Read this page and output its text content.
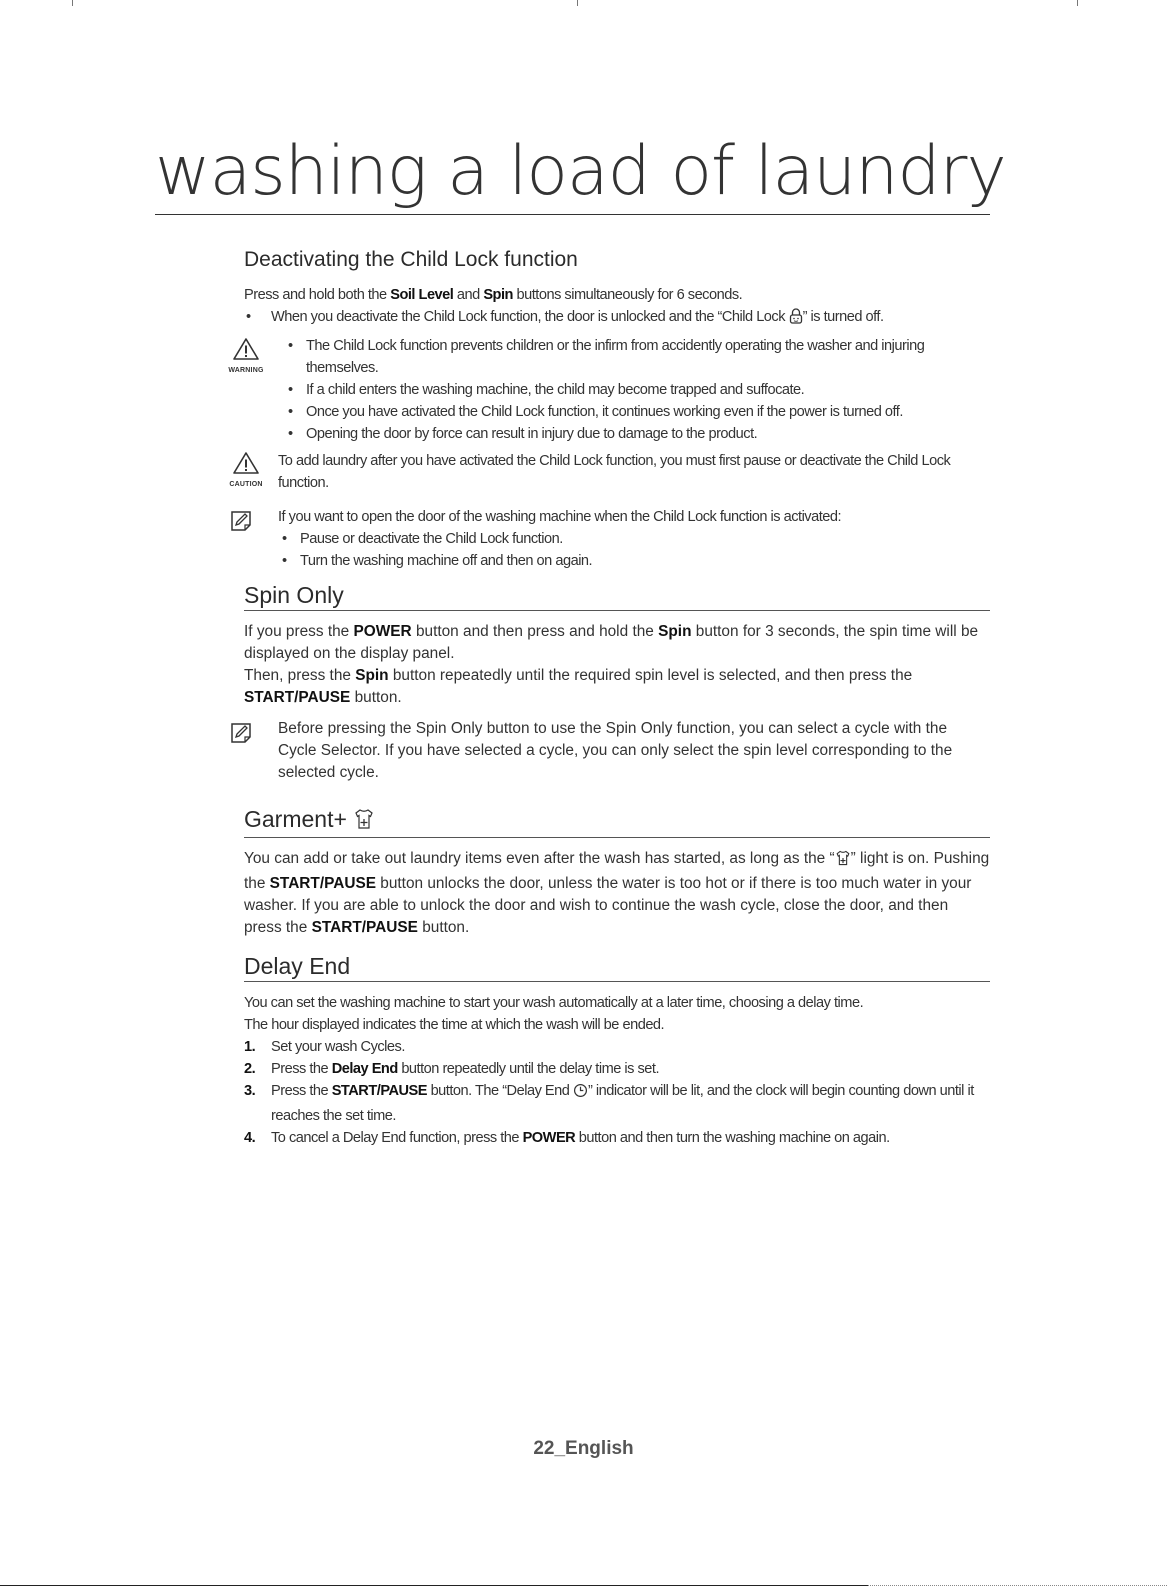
washing a load of laundry
Deactivating the Child Lock function

Press and hold both the Soil Level and Spin buttons simultaneously for 6 seconds.

• When you deactivate the Child Lock function, the door is unlocked and the “Child Lock ” is turned off.

WARNING

• The Child Lock function prevents children or the infirm from accidently operating the washer and injuring themselves.

• If a child enters the washing machine, the child may become trapped and suffocate.

• Once you have activated the Child Lock function, it continues working even if the power is turned off.

• Opening the door by force can result in injury due to damage to the product.

CAUTION

To add laundry after you have activated the Child Lock function, you must first pause or deactivate the Child Lock function.

If you want to open the door of the washing machine when the Child Lock function is activated:

• Pause or deactivate the Child Lock function.

• Turn the washing machine off and then on again.

Spin Only

If you press the POWER button and then press and hold the Spin button for 3 seconds, the spin time will be displayed on the display panel.

Then, press the Spin button repeatedly until the required spin level is selected, and then press the START/PAUSE button.

Before pressing the Spin Only button to use the Spin Only function, you can select a cycle with the Cycle Selector. If you have selected a cycle, you can only select the spin level corresponding to the selected cycle.

Garment+

You can add or take out laundry items even after the wash has started, as long as the “ ” light is on. Pushing the START/PAUSE button unlocks the door, unless the water is too hot or if there is too much water in your washer. If you are able to unlock the door and wish to continue the wash cycle, close the door, and then press the START/PAUSE button.

Delay End

You can set the washing machine to start your wash automatically at a later time, choosing a delay time.

The hour displayed indicates the time at which the wash will be ended.

1. Set your wash Cycles.
2. Press the Delay End button repeatedly until the delay time is set.
3. Press the START/PAUSE button. The “Delay End ” indicator will be lit, and the clock will begin counting down until it reaches the set time.
4. To cancel a Delay End function, press the POWER button and then turn the washing machine on again.
22_English
